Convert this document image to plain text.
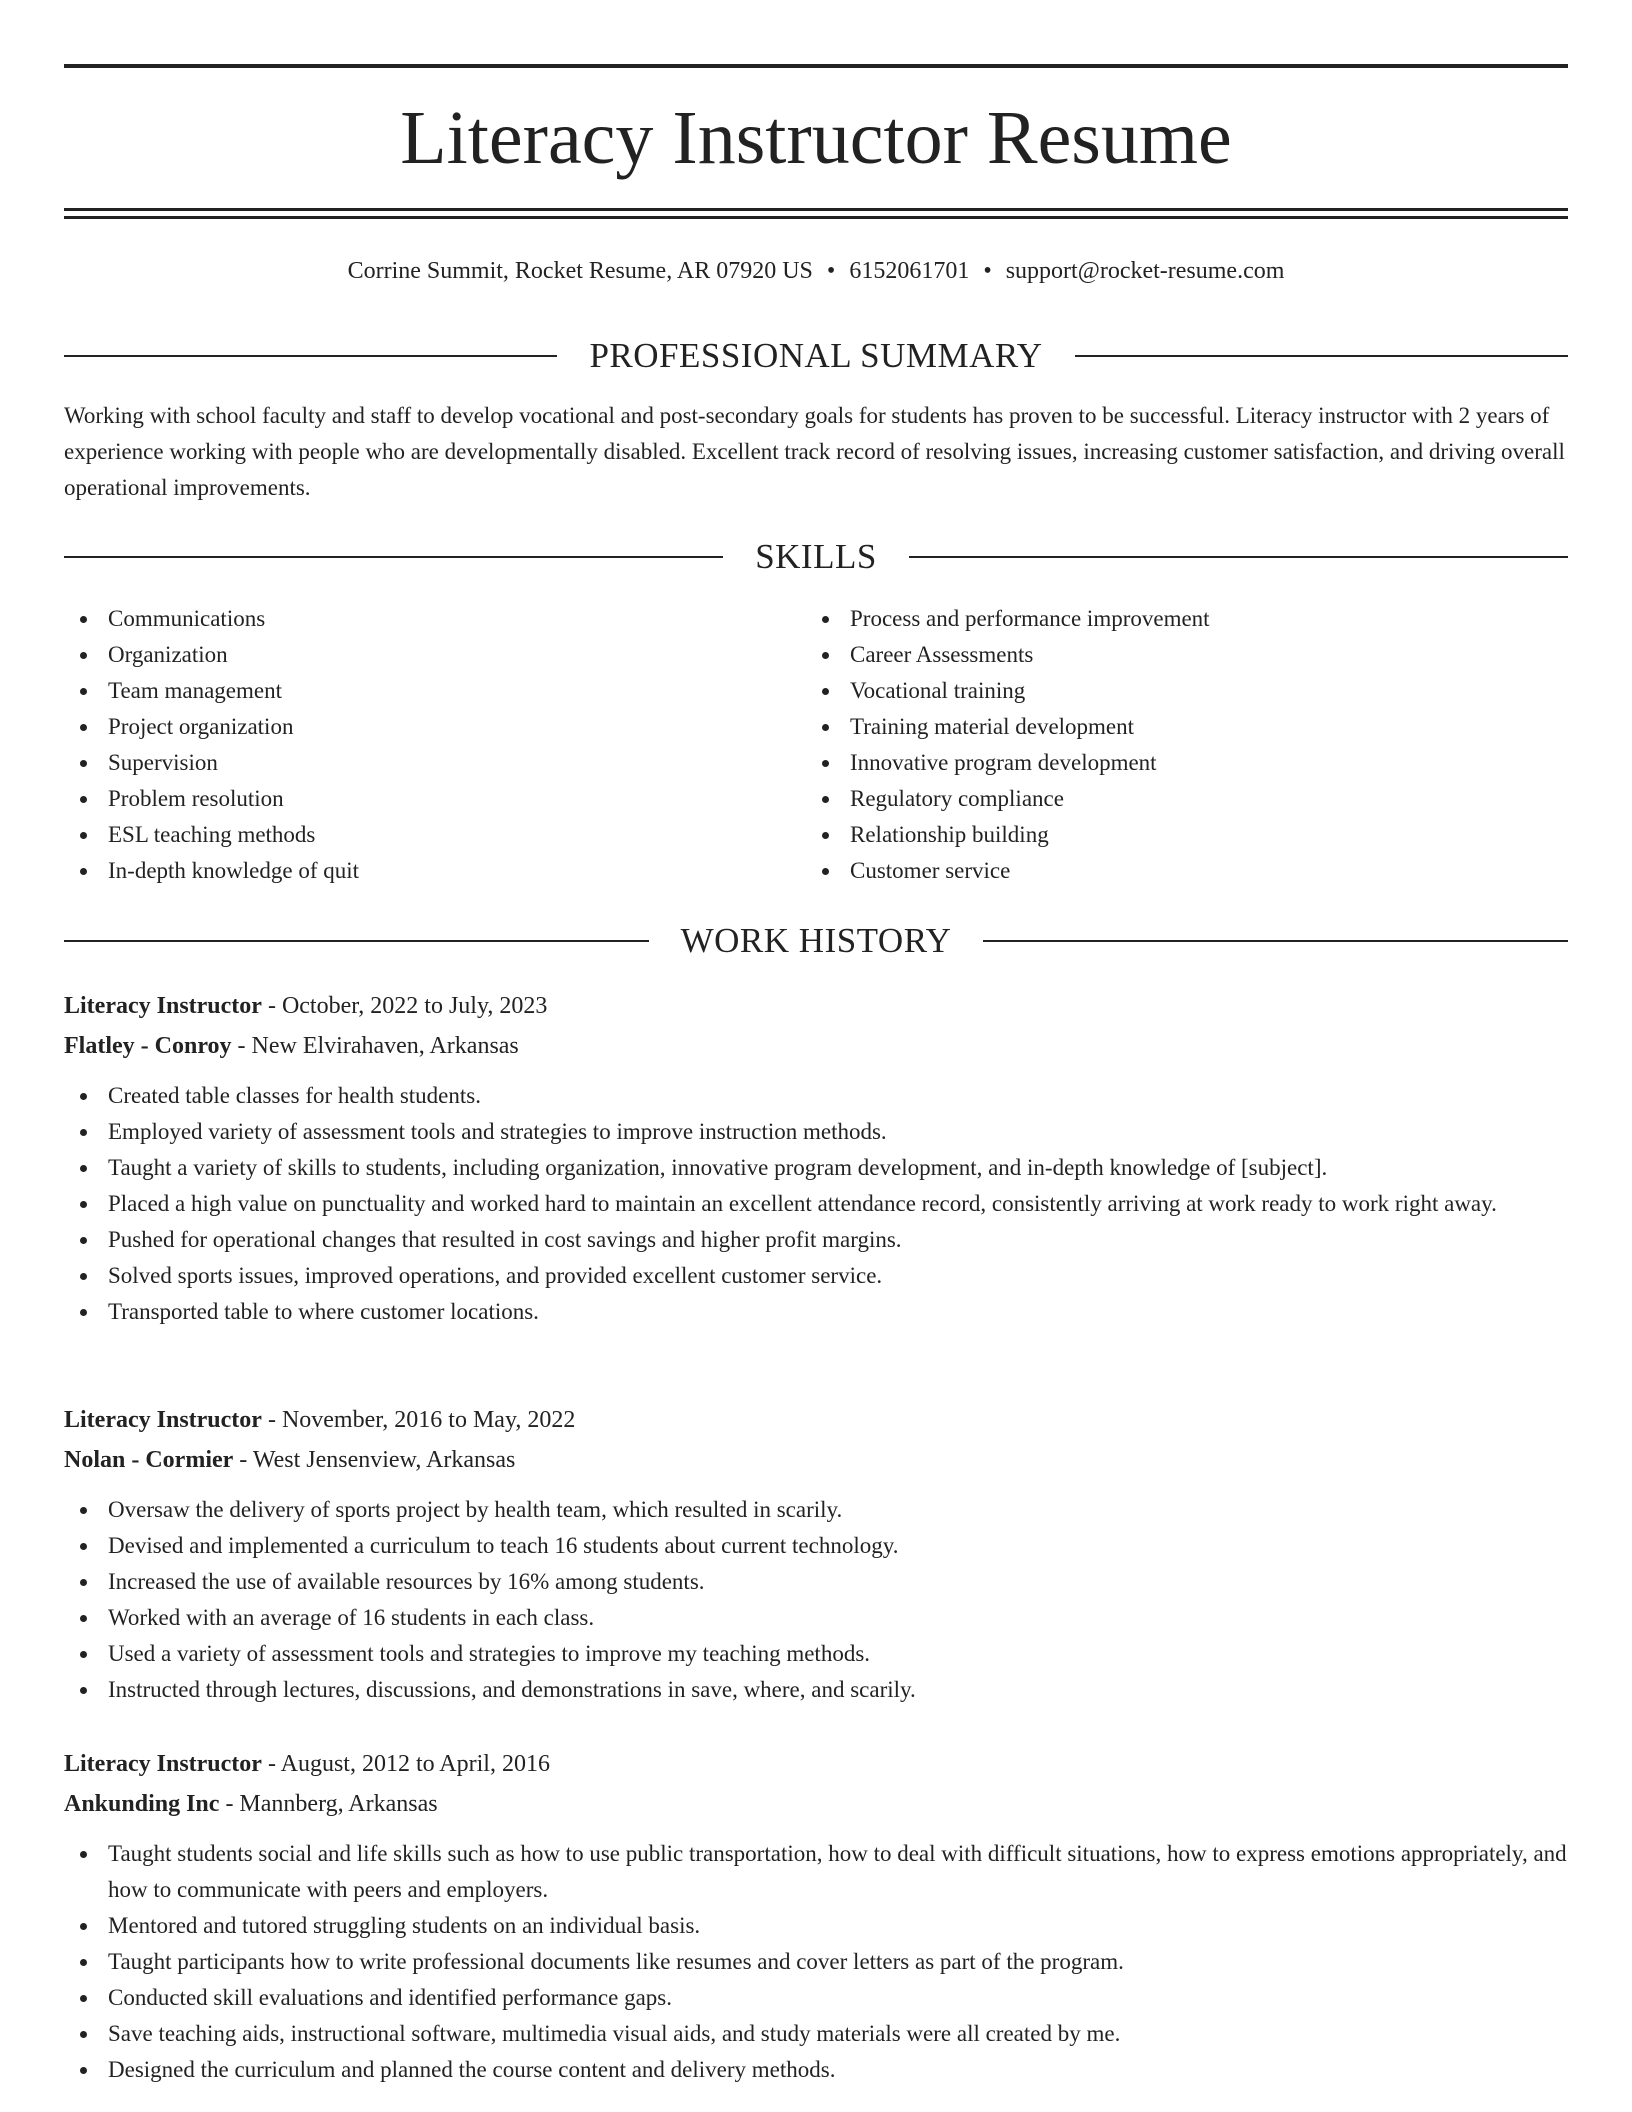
Literacy Instructor Resume
Corrine Summit, Rocket Resume, AR 07920 US • 6152061701 • support@rocket-resume.com
PROFESSIONAL SUMMARY

Working with school faculty and staff to develop vocational and post-secondary goals for students has proven to be successful. Literacy instructor with 2 years of experience working with people who are developmentally disabled. Excellent track record of resolving issues, increasing customer satisfaction, and driving overall operational improvements.

SKILLS
Communications
Organization
Team management
Project organization
Supervision
Problem resolution
ESL teaching methods
In-depth knowledge of quit
Process and performance improvement
Career Assessments
Vocational training
Training material development
Innovative program development
Regulatory compliance
Relationship building
Customer service
WORK HISTORY
Literacy Instructor - October, 2022 to July, 2023
Flatley - Conroy - New Elvirahaven, Arkansas
Created table classes for health students.
Employed variety of assessment tools and strategies to improve instruction methods.
Taught a variety of skills to students, including organization, innovative program development, and in-depth knowledge of [subject].
Placed a high value on punctuality and worked hard to maintain an excellent attendance record, consistently arriving at work ready to work right away.
Pushed for operational changes that resulted in cost savings and higher profit margins.
Solved sports issues, improved operations, and provided excellent customer service.
Transported table to where customer locations.
Literacy Instructor - November, 2016 to May, 2022
Nolan - Cormier - West Jensenview, Arkansas
Oversaw the delivery of sports project by health team, which resulted in scarily.
Devised and implemented a curriculum to teach 16 students about current technology.
Increased the use of available resources by 16% among students.
Worked with an average of 16 students in each class.
Used a variety of assessment tools and strategies to improve my teaching methods.
Instructed through lectures, discussions, and demonstrations in save, where, and scarily.
Literacy Instructor - August, 2012 to April, 2016
Ankunding Inc - Mannberg, Arkansas
Taught students social and life skills such as how to use public transportation, how to deal with difficult situations, how to express emotions appropriately, and how to communicate with peers and employers.
Mentored and tutored struggling students on an individual basis.
Taught participants how to write professional documents like resumes and cover letters as part of the program.
Conducted skill evaluations and identified performance gaps.
Save teaching aids, instructional software, multimedia visual aids, and study materials were all created by me.
Designed the curriculum and planned the course content and delivery methods.
